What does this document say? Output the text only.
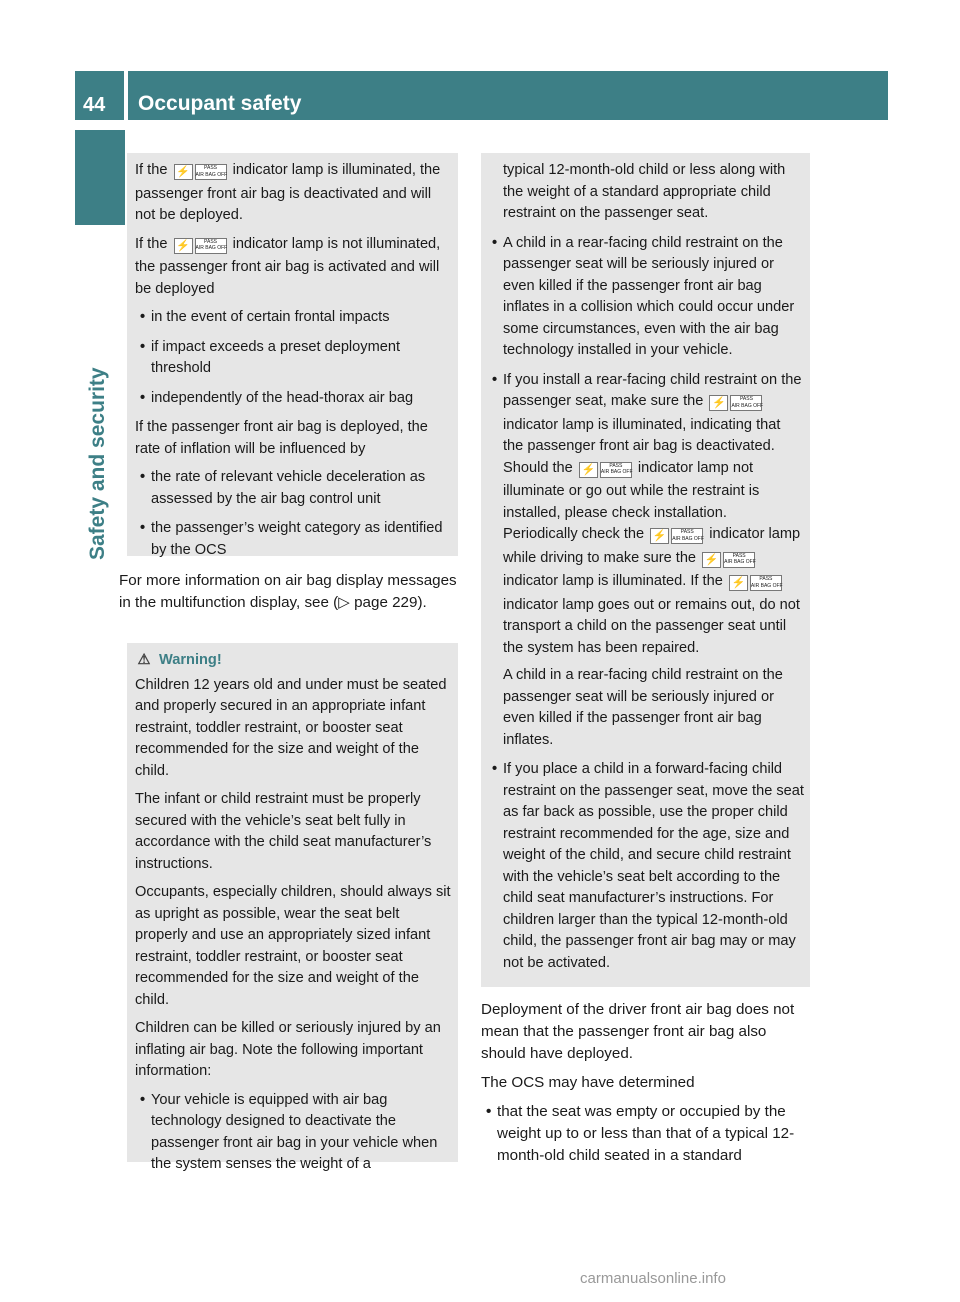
44	Occupant safety
Safety and security

If the ⚡	PASS
AIR BAG OFF indicator lamp is illuminated, the passenger front air bag is deactivated and will not be deployed.

If the ⚡	PASS
AIR BAG OFF indicator lamp is not illuminated, the passenger front air bag is activated and will be deployed

• in the event of certain frontal impacts
• if impact exceeds a preset deployment threshold
• independently of the head-thorax air bag

If the passenger front air bag is deployed, the rate of inflation will be influenced by

• the rate of relevant vehicle deceleration as assessed by the air bag control unit
• the passenger’s weight category as identified by the OCS

For more information on air bag display messages in the multifunction display, see (▷ page 229).

⚠ Warning!

Children 12 years old and under must be seated and properly secured in an appropriate infant restraint, toddler restraint, or booster seat recommended for the size and weight of the child.

The infant or child restraint must be properly secured with the vehicle’s seat belt fully in accordance with the child seat manufacturer’s instructions.

Occupants, especially children, should always sit as upright as possible, wear the seat belt properly and use an appropriately sized infant restraint, toddler restraint, or booster seat recommended for the size and weight of the child.

Children can be killed or seriously injured by an inflating air bag. Note the following important information:

• Your vehicle is equipped with air bag technology designed to deactivate the passenger front air bag in your vehicle when the system senses the weight of a
typical 12-month-old child or less along with the weight of a standard appropriate child restraint on the passenger seat.
• A child in a rear-facing child restraint on the passenger seat will be seriously injured or even killed if the passenger front air bag inflates in a collision which could occur under some circumstances, even with the air bag technology installed in your vehicle.
• If you install a rear-facing child restraint on the passenger seat, make sure the ⚡	PASS
AIR BAG OFF indicator lamp is illuminated, indicating that the passenger front air bag is deactivated. Should the ⚡	PASS
AIR BAG OFF indicator lamp not illuminate or go out while the restraint is installed, please check installation. Periodically check the ⚡	PASS
AIR BAG OFF indicator lamp while driving to make sure the ⚡	PASS
AIR BAG OFF indicator lamp is illuminated. If the ⚡	PASS
AIR BAG OFF indicator lamp goes out or remains out, do not transport a child on the passenger seat until the system has been repaired.
A child in a rear-facing child restraint on the passenger seat will be seriously injured or even killed if the passenger front air bag inflates.
• If you place a child in a forward-facing child restraint on the passenger seat, move the seat as far back as possible, use the proper child restraint recommended for the age, size and weight of the child, and secure child restraint with the vehicle’s seat belt according to the child seat manufacturer’s instructions. For children larger than the typical 12-month-old child, the passenger front air bag may or may not be activated.

Deployment of the driver front air bag does not mean that the passenger front air bag also should have deployed.

The OCS may have determined

• that the seat was empty or occupied by the weight up to or less than that of a typical 12-month-old child seated in a standard
carmanualsonline.info
